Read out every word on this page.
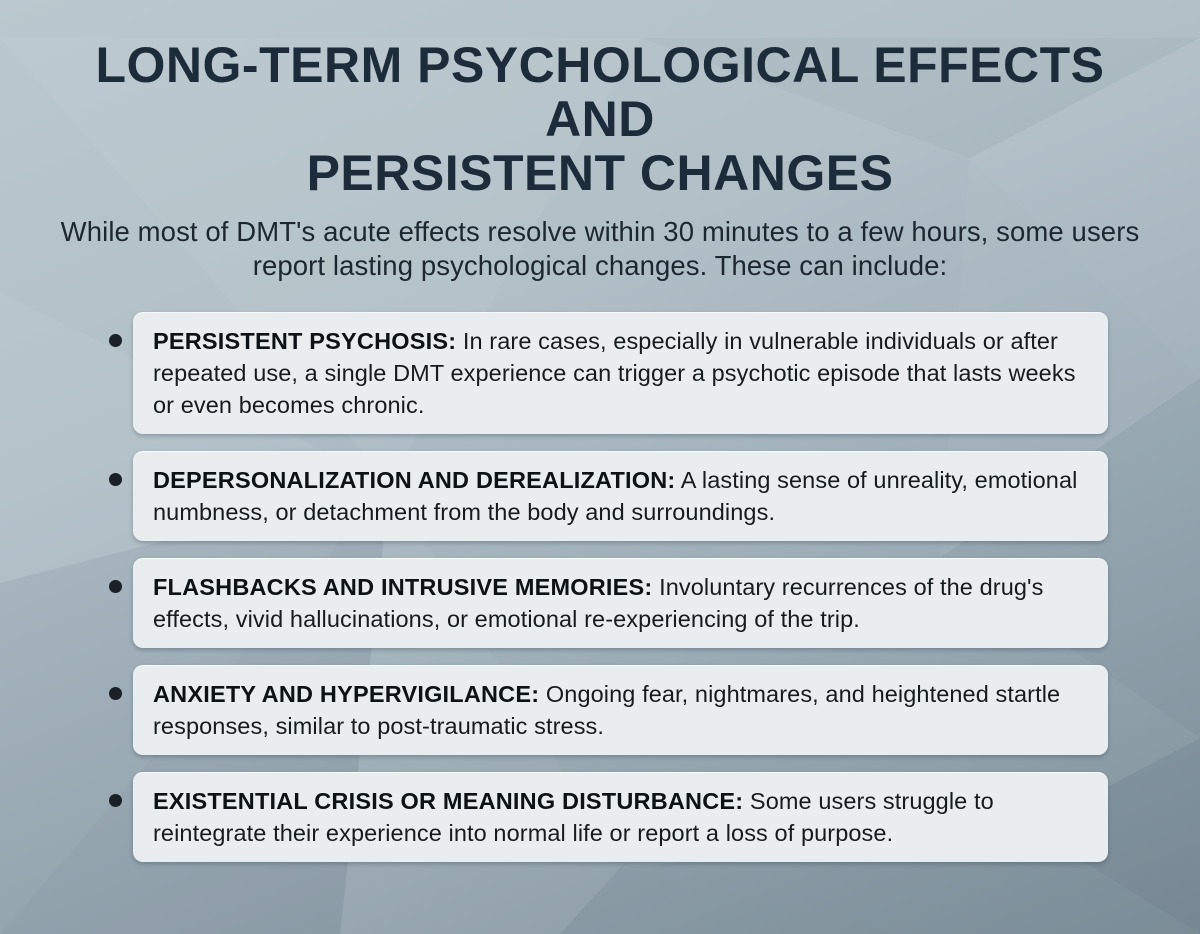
LONG-TERM PSYCHOLOGICAL EFFECTS AND
PERSISTENT CHANGES

While most of DMT's acute effects resolve within 30 minutes to a few hours, some users report lasting psychological changes. These can include:

PERSISTENT PSYCHOSIS: In rare cases, especially in vulnerable individuals or after repeated use, a single DMT experience can trigger a psychotic episode that lasts weeks or even becomes chronic.
DEPERSONALIZATION AND DEREALIZATION: A lasting sense of unreality, emotional numbness, or detachment from the body and surroundings.
FLASHBACKS AND INTRUSIVE MEMORIES: Involuntary recurrences of the drug's effects, vivid hallucinations, or emotional re-experiencing of the trip.
ANXIETY AND HYPERVIGILANCE: Ongoing fear, nightmares, and heightened startle responses, similar to post-traumatic stress.
EXISTENTIAL CRISIS OR MEANING DISTURBANCE: Some users struggle to reintegrate their experience into normal life or report a loss of purpose.
